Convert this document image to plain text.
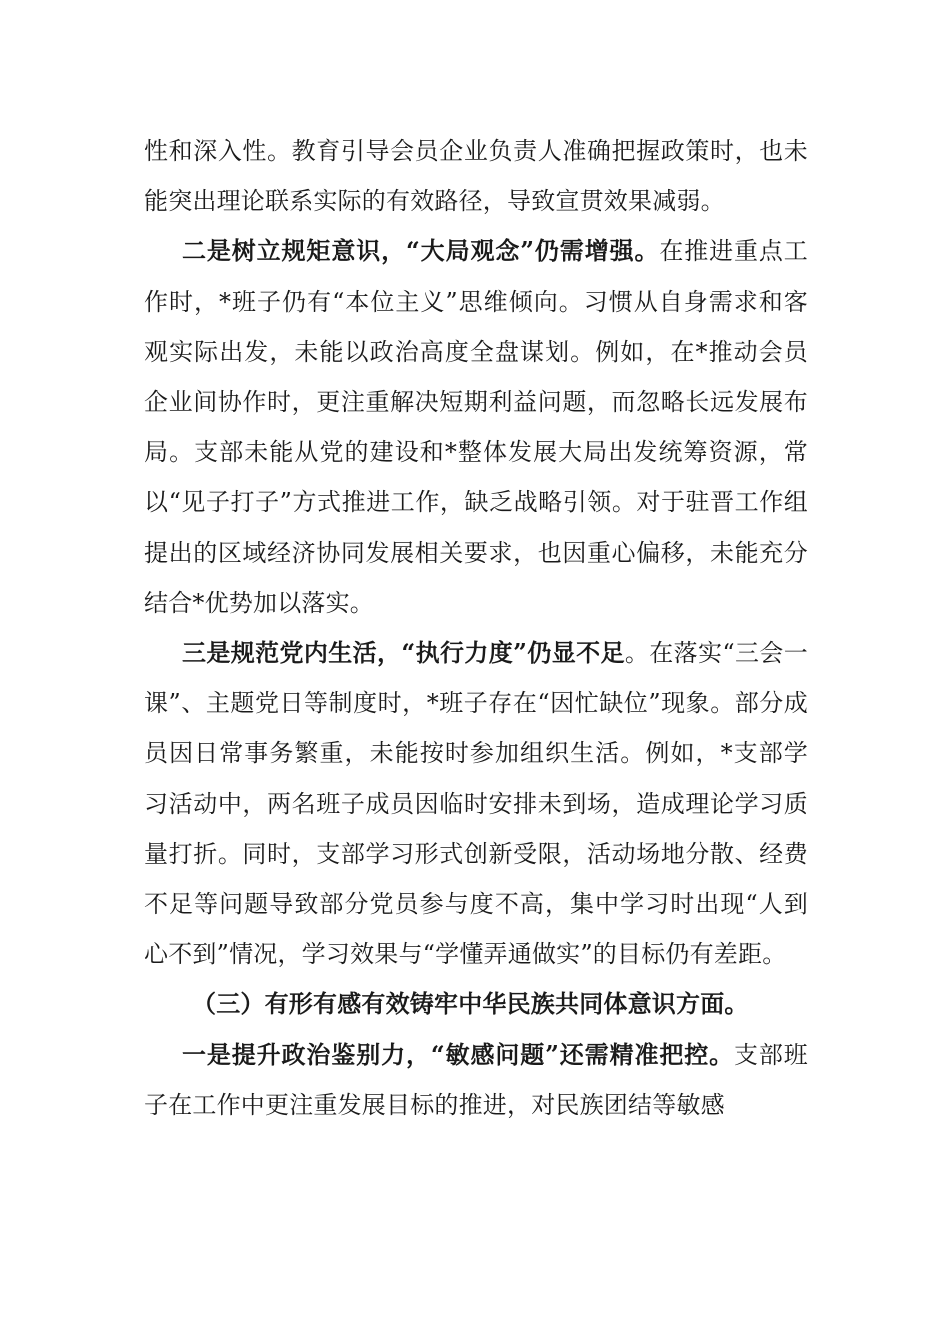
性和深入性。教育引导会员企业负责人准确把握政策时，也未能突出理论联系实际的有效路径，导致宣贯效果减弱。

二是树立规矩意识，“大局观念”仍需增强。在推进重点工作时，*班子仍有“本位主义”思维倾向。习惯从自身需求和客观实际出发，未能以政治高度全盘谋划。例如，在*推动会员企业间协作时，更注重解决短期利益问题，而忽略长远发展布局。支部未能从党的建设和*整体发展大局出发统筹资源，常以“见子打子”方式推进工作，缺乏战略引领。对于驻晋工作组提出的区域经济协同发展相关要求，也因重心偏移，未能充分结合*优势加以落实。

三是规范党内生活，“执行力度”仍显不足。在落实“三会一课”、主题党日等制度时，*班子存在“因忙缺位”现象。部分成员因日常事务繁重，未能按时参加组织生活。例如，*支部学习活动中，两名班子成员因临时安排未到场，造成理论学习质量打折。同时，支部学习形式创新受限，活动场地分散、经费不足等问题导致部分党员参与度不高，集中学习时出现“人到心不到”情况，学习效果与“学懂弄通做实”的目标仍有差距。

（三）有形有感有效铸牢中华民族共同体意识方面。

一是提升政治鉴别力，“敏感问题”还需精准把控。支部班子在工作中更注重发展目标的推进，对民族团结等敏感
